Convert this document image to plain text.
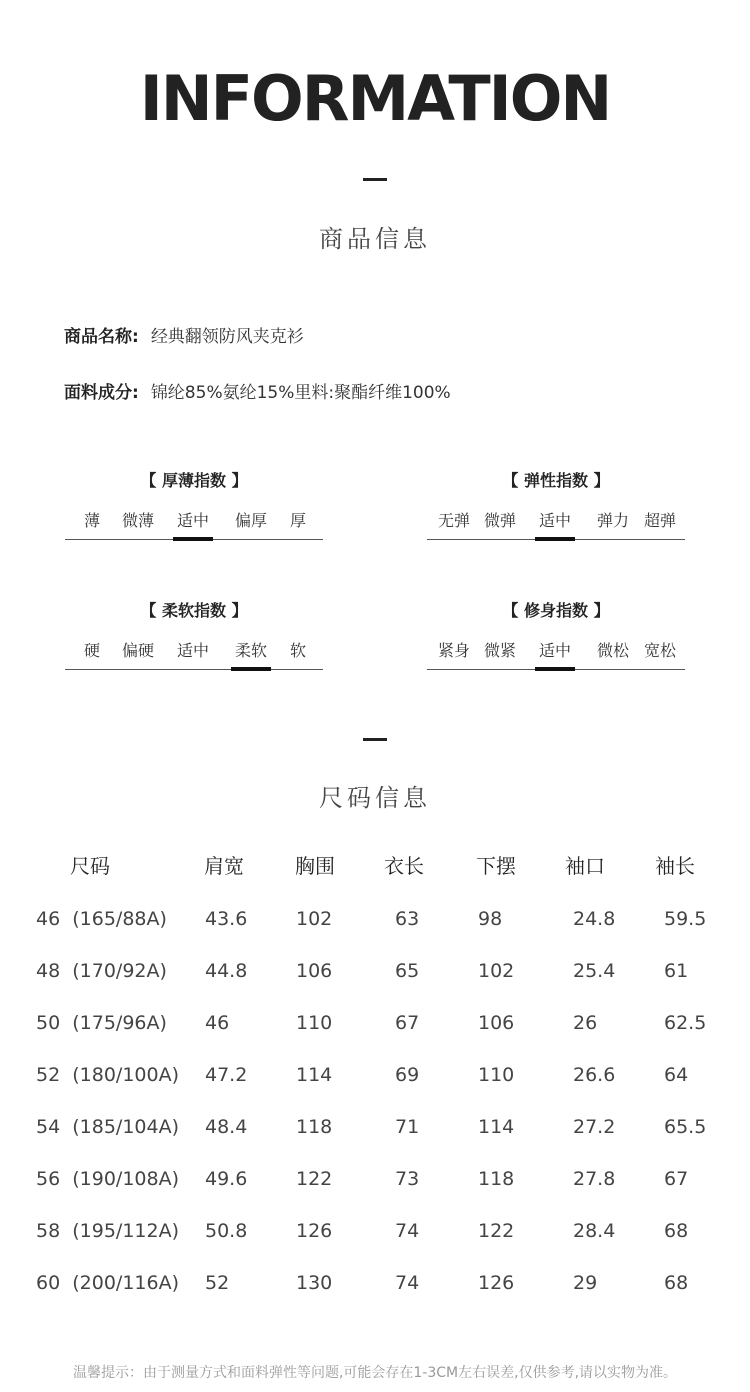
INFORMATION
商品信息
商品名称: 经典翻领防风夹克衫
面料成分: 锦纶85%氨纶15%里料:聚酯纤维100%
【 厚薄指数 】
薄 微薄 适中 偏厚 厚
【 弹性指数 】
无弹 微弹 适中 弹力 超弹
【 柔软指数 】
硬 偏硬 适中 柔软 软
【 修身指数 】
紧身 微紧 适中 微松 宽松
尺码信息
尺码	肩宽	胸围 衣长	下摆 袖口	袖长
46  (165/88A) 43.6	102	63	98	24.8	59.5
48  (170/92A) 44.8	106	65	102	25.4	61
50  (175/96A) 46	110	67	106	26	62.5
52  (180/100A) 47.2	114	69	110	26.6	64
54  (185/104A) 48.4	118	71	114	27.2	65.5
56  (190/108A) 49.6	122	73	118	27.8	67
58  (195/112A) 50.8	126	74	122	28.4	68
60  (200/116A) 52	130	74	126	29	68
温馨提示：由于测量方式和面料弹性等问题,可能会存在1-3CM左右误差,仅供参考,请以实物为准。
